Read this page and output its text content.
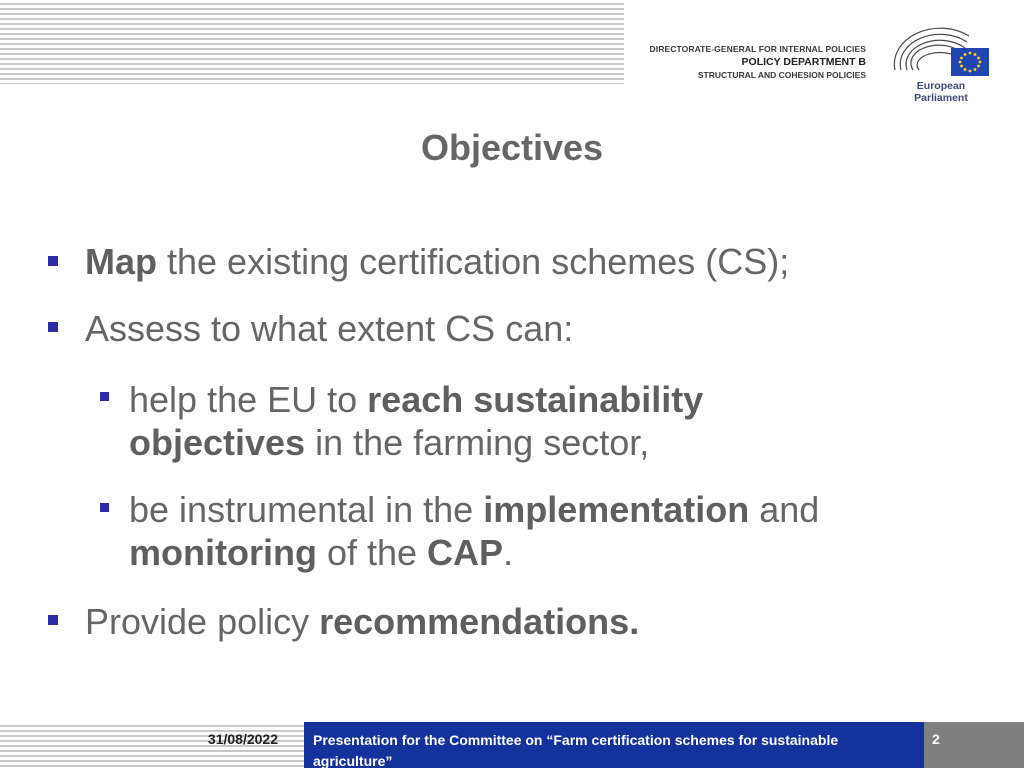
DIRECTORATE-GENERAL FOR INTERNAL POLICIES
POLICY DEPARTMENT B
STRUCTURAL AND COHESION POLICIES
European Parliament
Objectives
Map the existing certification schemes (CS);
Assess to what extent CS can:
help the EU to reach sustainability objectives in the farming sector,
be instrumental in the implementation and monitoring of the CAP.
Provide policy recommendations.
31/08/2022	Presentation for the Committee on “Farm certification schemes for sustainable agriculture”
2
